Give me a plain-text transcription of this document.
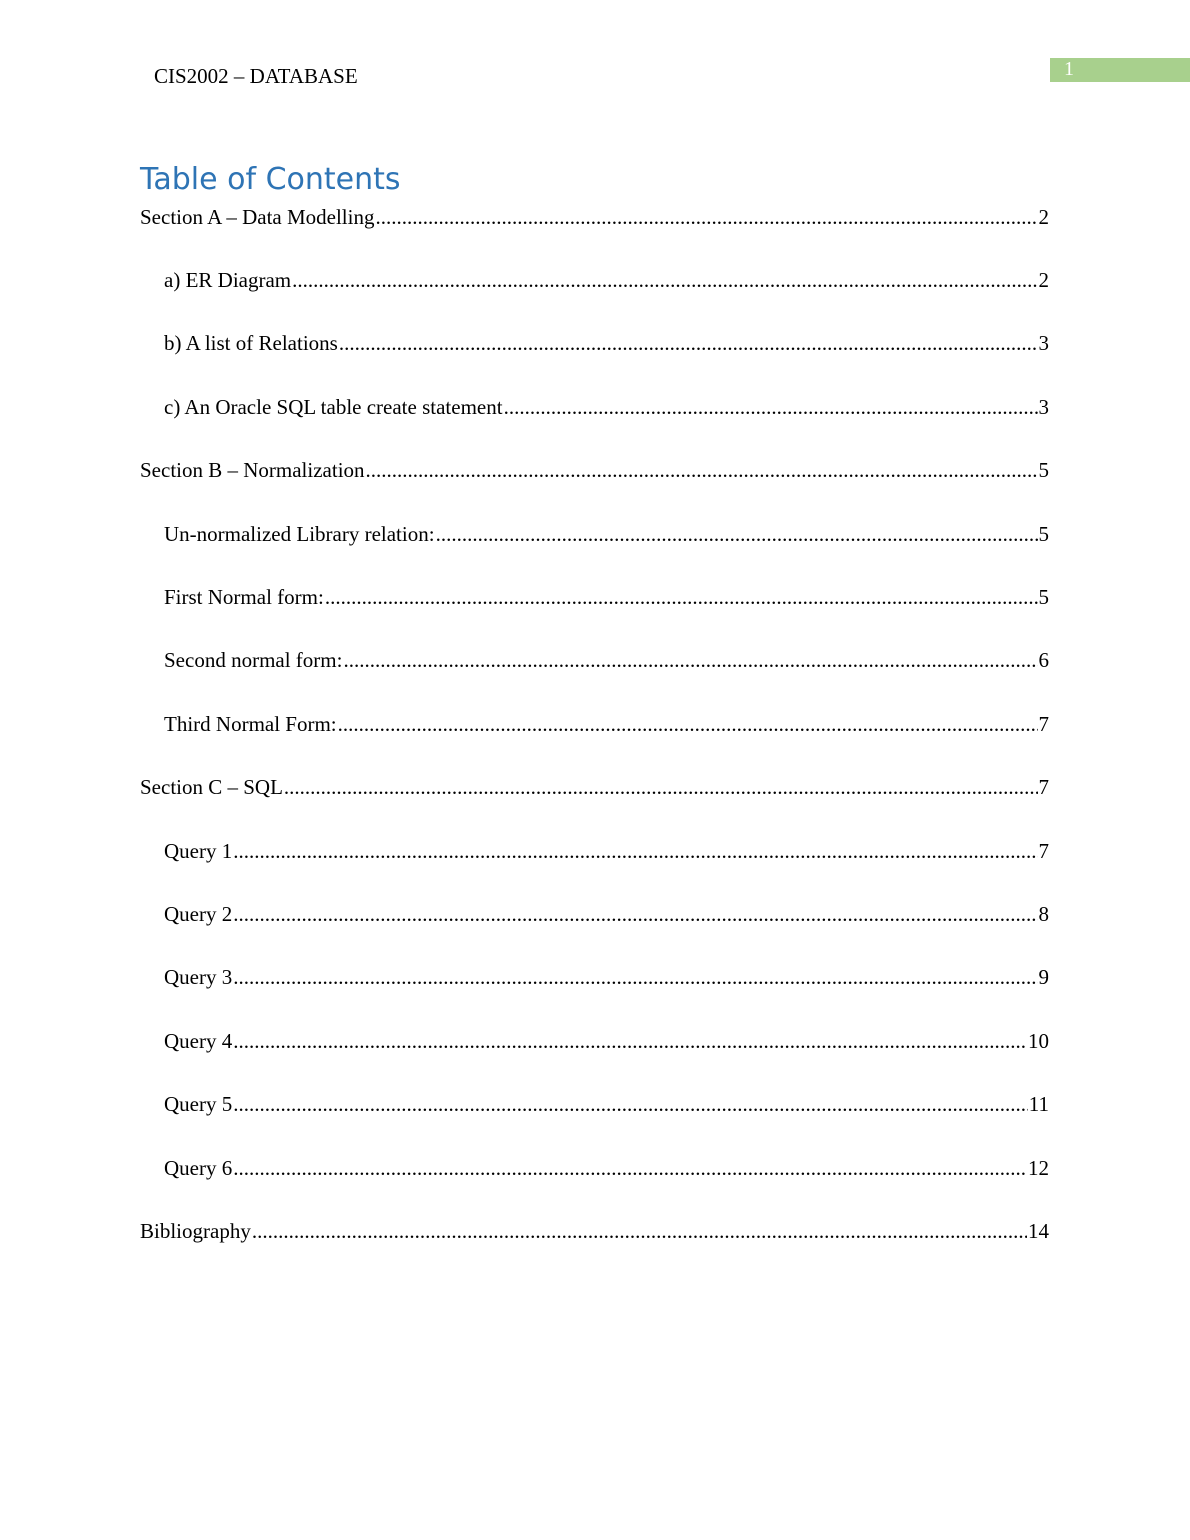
CIS2002 – DATABASE	1
Table of Contents
Section A – Data Modelling .....	2
a) ER Diagram .....	2
b) A list of Relations .....	3
c) An Oracle SQL table create statement .....	3
Section B – Normalization .....	5
Un-normalized Library relation: .....	5
First Normal form: .....	5
Second normal form: .....	6
Third Normal Form: .....	7
Section C – SQL .....	7
Query 1 .....	7
Query 2 .....	8
Query 3 .....	9
Query 4 .....	10
Query 5 .....	11
Query 6 .....	12
Bibliography .....	14
